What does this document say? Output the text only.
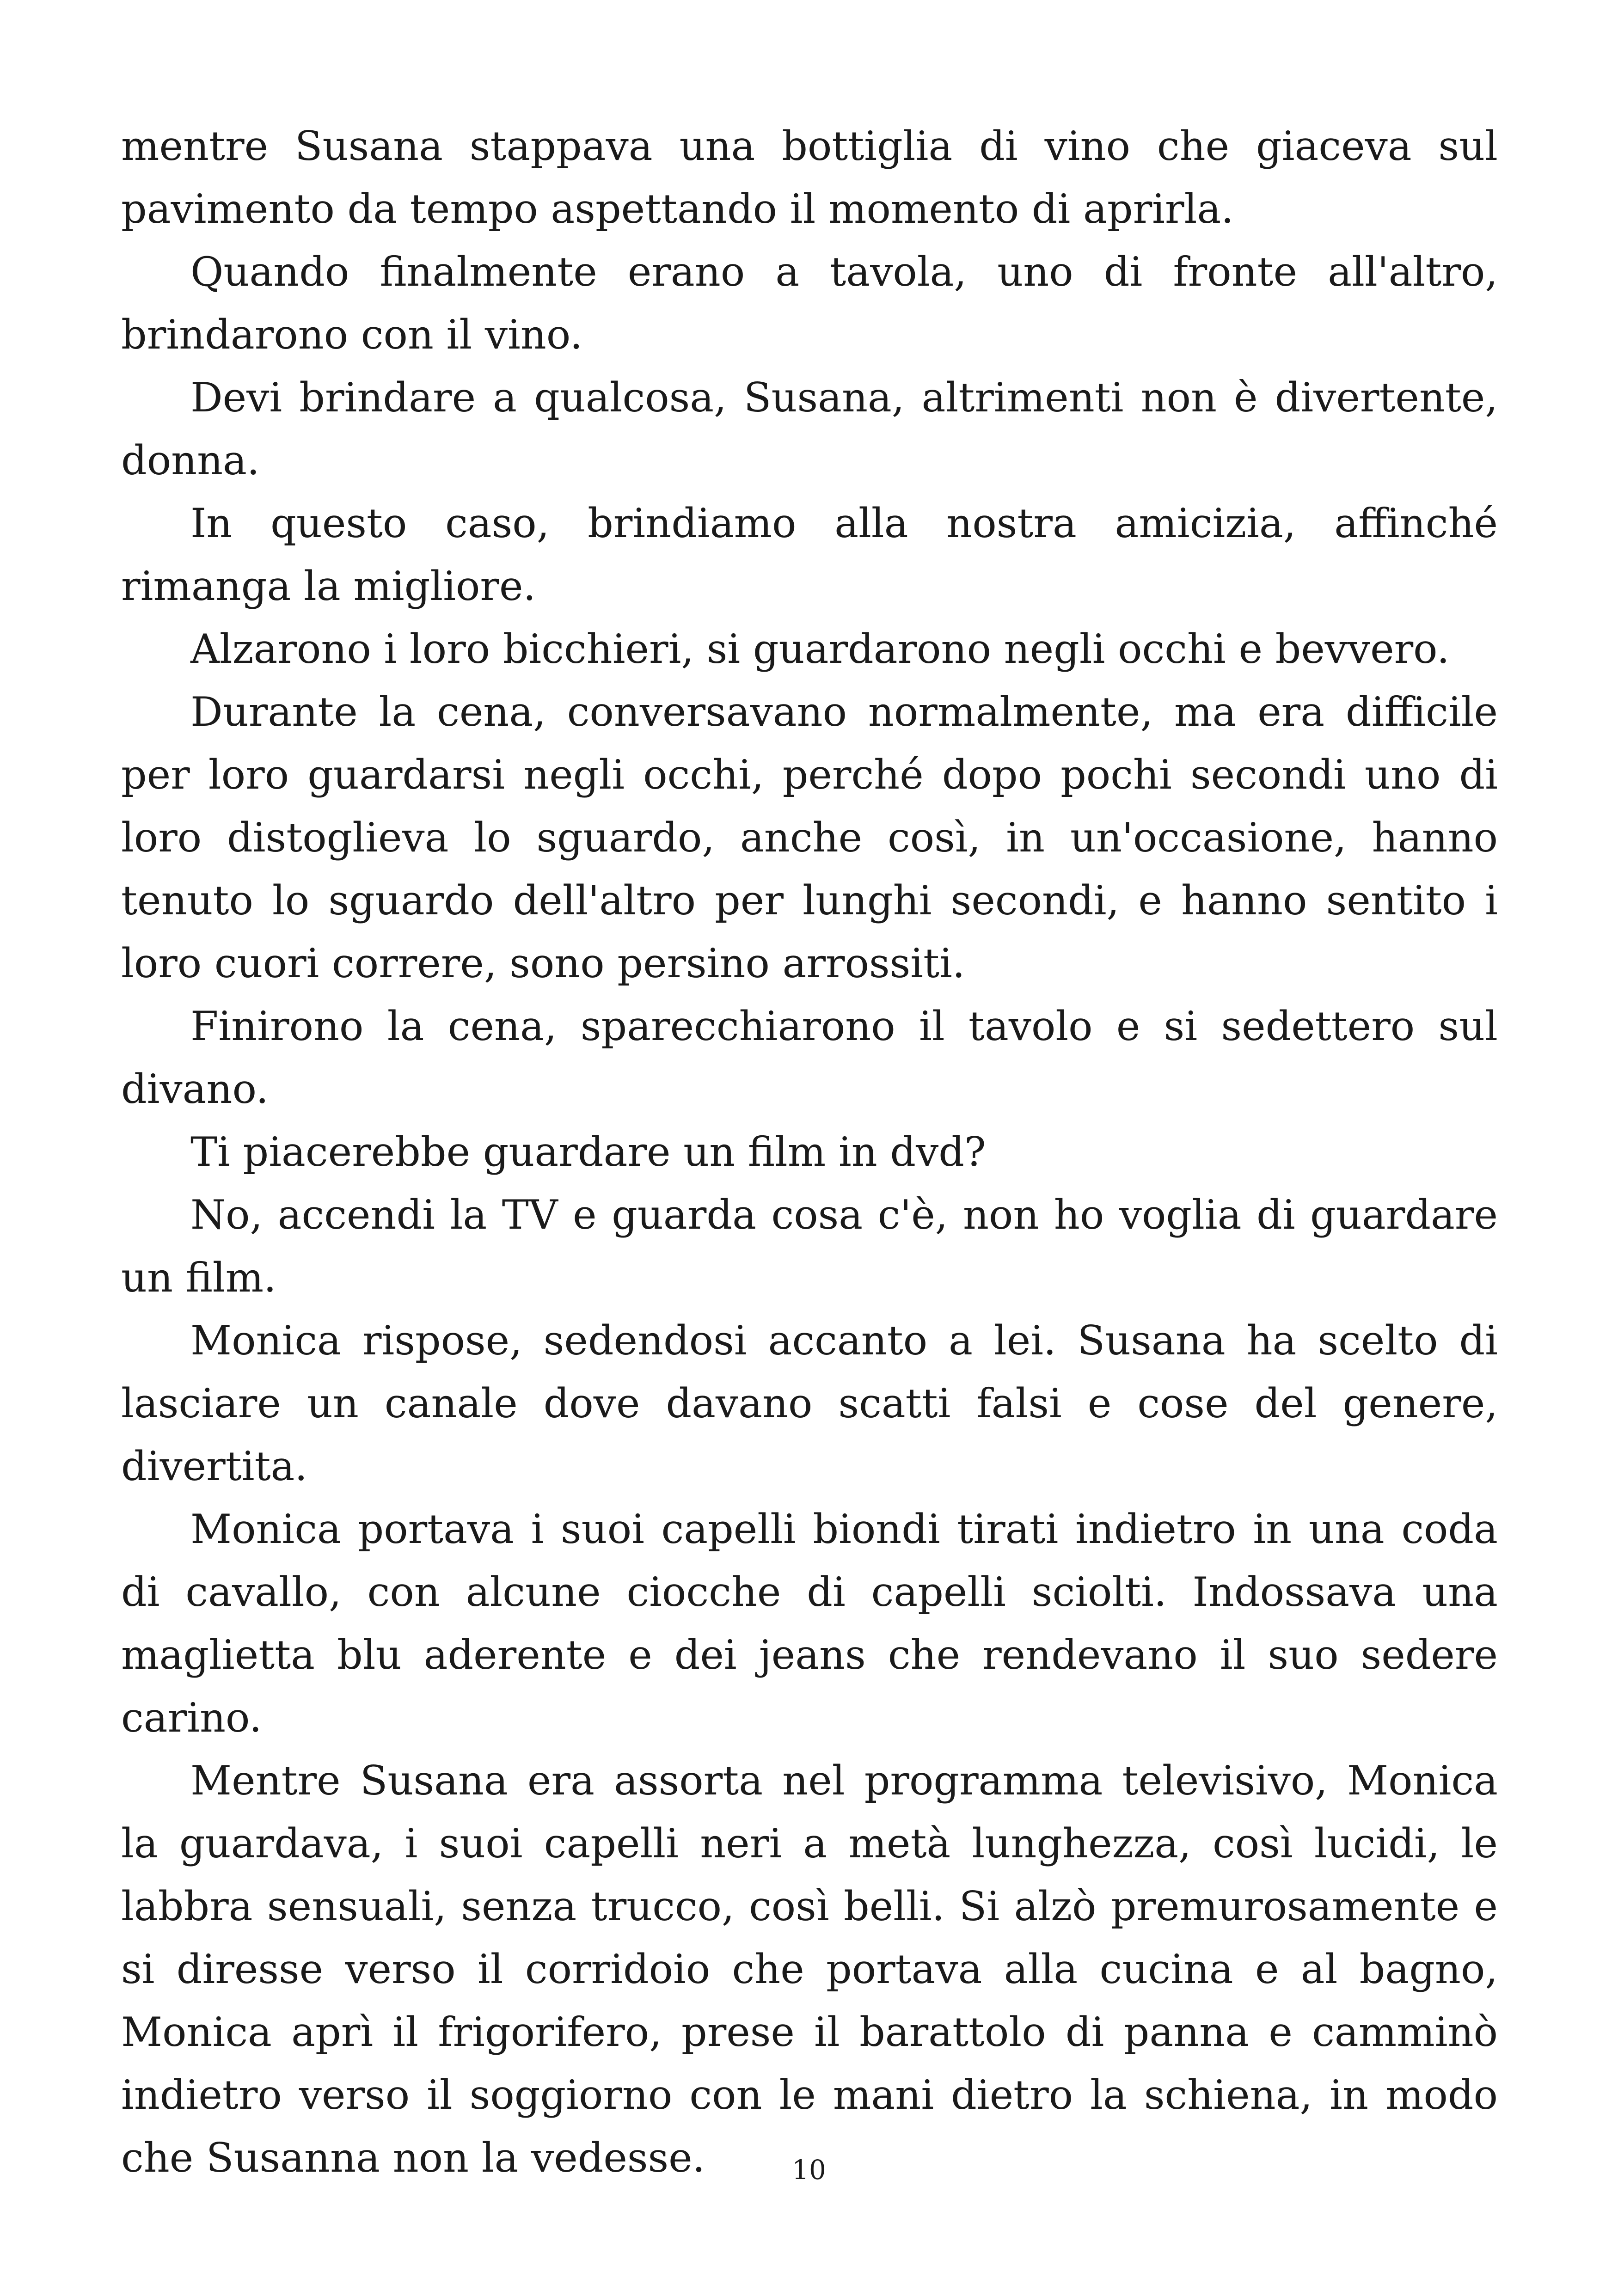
mentre Susana stappava una bottiglia di vino che giaceva sul pavimento da tempo aspettando il momento di aprirla.

Quando finalmente erano a tavola, uno di fronte all'altro, brindarono con il vino.

Devi brindare a qualcosa, Susana, altrimenti non è divertente, donna.

In questo caso, brindiamo alla nostra amicizia, affinché rimanga la migliore.

Alzarono i loro bicchieri, si guardarono negli occhi e bevvero.

Durante la cena, conversavano normalmente, ma era difficile per loro guardarsi negli occhi, perché dopo pochi secondi uno di loro distoglieva lo sguardo, anche così, in un'occasione, hanno tenuto lo sguardo dell'altro per lunghi secondi, e hanno sentito i loro cuori correre, sono persino arrossiti.

Finirono la cena, sparecchiarono il tavolo e si sedettero sul divano.

Ti piacerebbe guardare un film in dvd?

No, accendi la TV e guarda cosa c'è, non ho voglia di guardare un film.

Monica rispose, sedendosi accanto a lei. Susana ha scelto di lasciare un canale dove davano scatti falsi e cose del genere, divertita.

Monica portava i suoi capelli biondi tirati indietro in una coda di cavallo, con alcune ciocche di capelli sciolti. Indossava una maglietta blu aderente e dei jeans che rendevano il suo sedere carino.

Mentre Susana era assorta nel programma televisivo, Monica la guardava, i suoi capelli neri a metà lunghezza, così lucidi, le labbra sensuali, senza trucco, così belli. Si alzò premurosamente e si diresse verso il corridoio che portava alla cucina e al bagno, Monica aprì il frigorifero, prese il barattolo di panna e camminò indietro verso il soggiorno con le mani dietro la schiena, in modo che Susanna non la vedesse.	10
